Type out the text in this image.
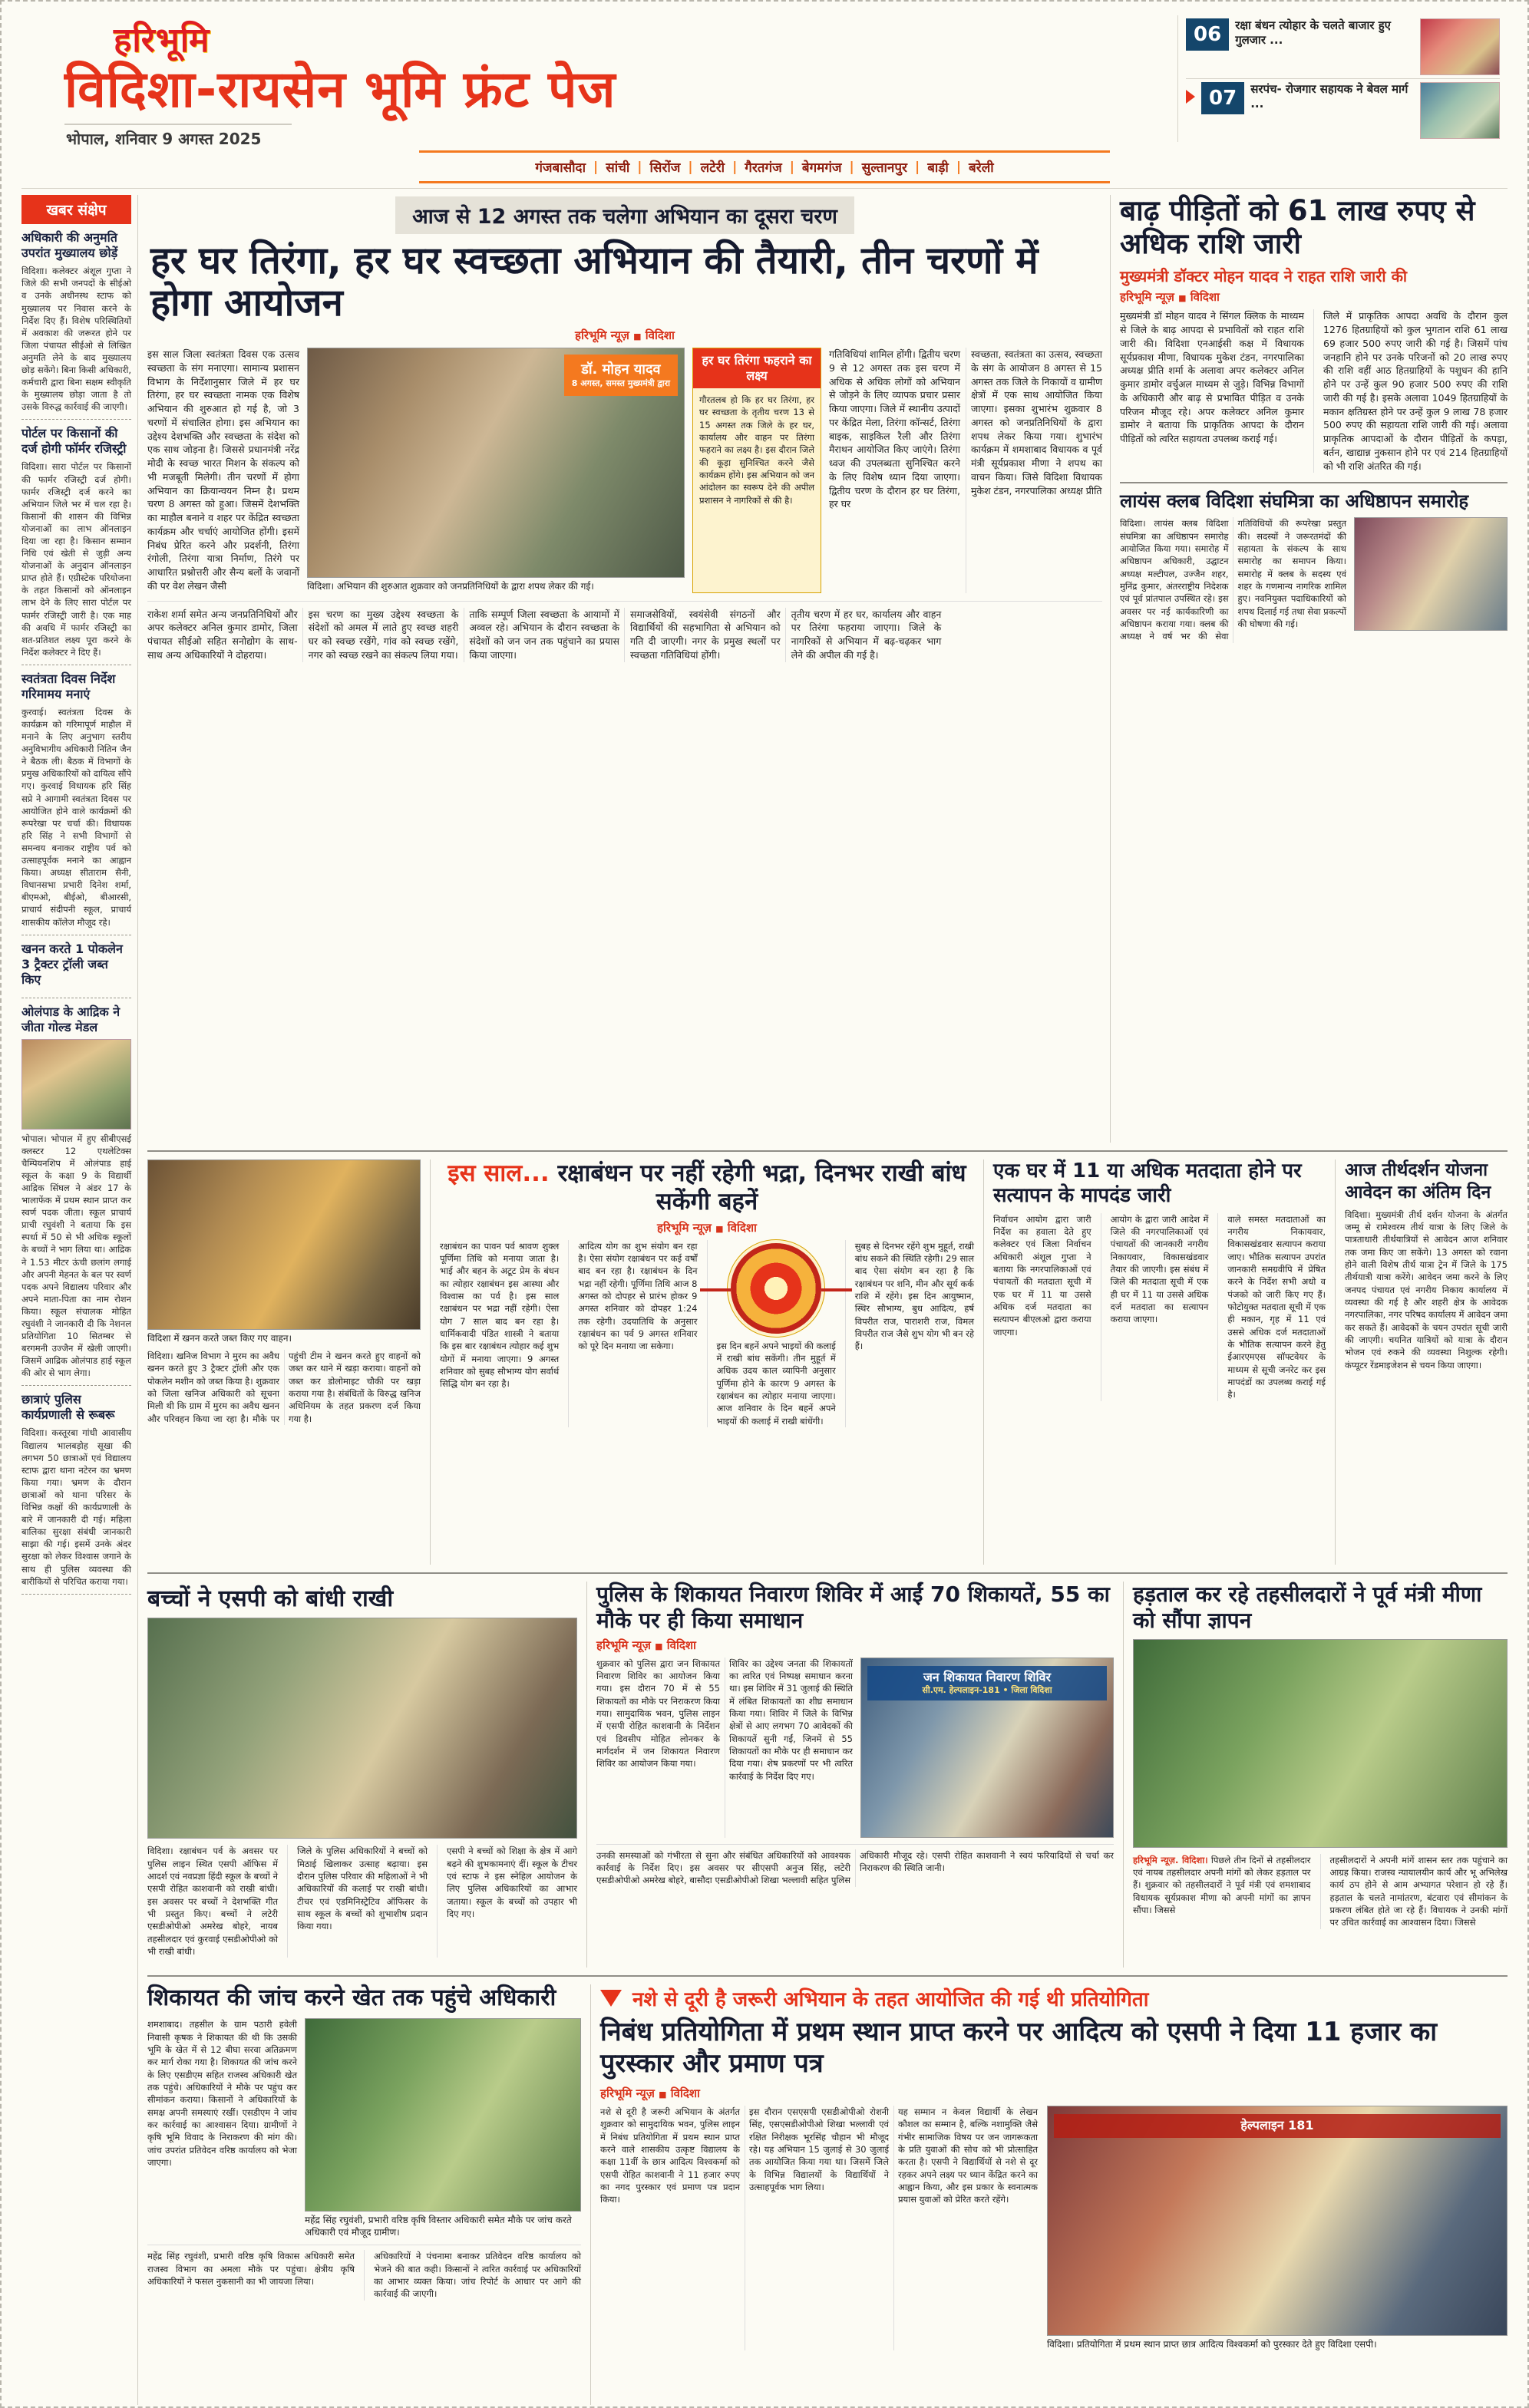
हरिभूमि
विदिशा-रायसेन भूमि फ्रंट पेज
भोपाल, शनिवार 9 अगस्त 2025
06	रक्षा बंधन त्योहार के चलते बाजार हुए गुलजार ...
07	सरपंच- रोजगार सहायक ने बेवल मार्ग ...
गंजबासौदा | सांची | सिरोंज | लटेरी | गैरतगंज | बेगमगंज | सुल्तानपुर | बाड़ी | बरेली
खबर संक्षेप
अधिकारी की अनुमति उपरांत मुख्यालय छोड़ें

विदिशा। कलेक्टर अंशूल गुप्ता ने जिले की सभी जनपदों के सीईओ व उनके अधीनस्थ स्टाफ को मुख्यालय पर निवास करने के निर्देश दिए हैं। विशेष परिस्थितियों में अवकाश की जरूरत होने पर जिला पंचायत सीईओ से लिखित अनुमति लेने के बाद मुख्यालय छोड़ सकेंगे। बिना किसी अधिकारी, कर्मचारी द्वारा बिना सक्षम स्वीकृति के मुख्यालय छोड़ा जाता है तो उसके विरुद्ध कार्रवाई की जाएगी।

पोर्टल पर किसानों की दर्ज होगी फॉर्मर रजिस्ट्री

विदिशा। सारा पोर्टल पर किसानों की फार्मर रजिस्ट्री दर्ज होगी। फार्मर रजिस्ट्री दर्ज करने का अभियान जिले भर में चल रहा है। किसानों की शासन की विभिन्न योजनाओं का लाभ ऑनलाइन दिया जा रहा है। किसान सम्मान निधि एवं खेती से जुड़ी अन्य योजनाओं के अनुदान ऑनलाइन प्राप्त होते हैं। एग्रीस्टेक परियोजना के तहत किसानों को ऑनलाइन लाभ देने के लिए सारा पोर्टल पर फार्मर रजिस्ट्री जारी है। एक माह की अवधि में फार्मर रजिस्ट्री का शत-प्रतिशत लक्ष्य पूरा करने के निर्देश कलेक्टर ने दिए हैं।

स्वतंत्रता दिवस निर्देश गरिमामय मनाएं

कुरवाई। स्वतंत्रता दिवस के कार्यक्रम को गरिमापूर्ण माहौल में मनाने के लिए अनुभाग स्तरीय अनुविभागीय अधिकारी नितिन जैन ने बैठक ली। बैठक में विभागों के प्रमुख अधिकारियों को दायित्व सौंपे गए। कुरवाई विधायक हरि सिंह सप्रे ने आगामी स्वतंत्रता दिवस पर आयोजित होने वाले कार्यक्रमों की रूपरेखा पर चर्चा की। विधायक हरि सिंह ने सभी विभागों से समन्वय बनाकर राष्ट्रीय पर्व को उत्साहपूर्वक मनाने का आह्वान किया। अध्यक्ष सीताराम सैनी, विधानसभा प्रभारी दिनेश शर्मा, बीएमओ, बीईओ, बीआरसी, प्राचार्य संदीपनी स्कूल, प्राचार्य शासकीय कॉलेज मौजूद रहे।

खनन करते 1 पोकलेन 3 ट्रैक्टर ट्रॉली जब्त किए
ओलंपाड के आद्रिक ने जीता गोल्ड मेडल

भोपाल। भोपाल में हुए सीबीएसई क्लस्टर 12 एथलेटिक्स चैम्पियनशिप में ओलंपाड हाई स्कूल के कक्षा 9 के विद्यार्थी आद्रिक सिंघल ने अंडर 17 के भालाफेंक में प्रथम स्थान प्राप्त कर स्वर्ण पदक जीता। स्कूल प्राचार्य प्राची रघुवंशी ने बताया कि इस स्पर्धा में 50 से भी अधिक स्कूलों के बच्चों ने भाग लिया था। आद्रिक ने 1.53 मीटर ऊंची छलांग लगाई और अपनी मेहनत के बल पर स्वर्ण पदक अपने विद्यालय परिवार और अपने माता-पिता का नाम रोशन किया। स्कूल संचालक मोहित रघुवंशी ने जानकारी दी कि नेशनल प्रतियोगिता 10 सितम्बर से बरगमनी उज्जैन में खेली जाएगी। जिसमें आद्रिक ओलंपाड हाई स्कूल की ओर से भाग लेगा।

छात्राएं पुलिस कार्यप्रणाली से रूबरू

विदिशा। कस्तूरबा गांधी आवासीय विद्यालय भालबड़ोह सूखा की लगभग 50 छात्राओं एवं विद्यालय स्टाफ द्वारा थाना नटेरन का भ्रमण किया गया। भ्रमण के दौरान छात्राओं को थाना परिसर के विभिन्न कक्षों की कार्यप्रणाली के बारे में जानकारी दी गई। महिला बालिका सुरक्षा संबंधी जानकारी साझा की गई। इसमें उनके अंदर सुरक्षा को लेकर विश्वास जगाने के साथ ही पुलिस व्यवस्था की बारीकियों से परिचित कराया गया।

आज से 12 अगस्त तक चलेगा अभियान का दूसरा चरण
हर घर तिरंगा, हर घर स्वच्छता अभियान की तैयारी, तीन चरणों में होगा आयोजन
हरिभूमि न्यूज़ ■ विदिशा
इस साल जिला स्वतंत्रता दिवस एक उत्सव स्वच्छता के संग मनाएगा। सामान्य प्रशासन विभाग के निर्देशानुसार जिले में हर घर तिरंगा, हर घर स्वच्छता नामक एक विशेष अभियान की शुरुआत हो गई है, जो 3 चरणों में संचालित होगा। इस अभियान का उद्देश्य देशभक्ति और स्वच्छता के संदेश को एक साथ जोड़ना है। जिससे प्रधानमंत्री नरेंद्र मोदी के स्वच्छ भारत मिशन के संकल्प को भी मजबूती मिलेगी। तीन चरणों में होगा अभियान का क्रियान्वयन निम्न है। प्रथम चरण 8 अगस्त को हुआ। जिसमें देशभक्ति का माहौल बनाने व शहर पर केंद्रित स्वच्छता कार्यक्रम और चर्चाएं आयोजित होंगी। इसमें निबंध प्रेरित करने और प्रदर्शनी, तिरंगा रंगोली, तिरंगा यात्रा निर्माण, तिरंगे पर आधारित प्रश्नोत्तरी और सैन्य बलों के जवानों की पर वेश लेखन जैसी
डॉ. मोहन यादव
8 अगस्त, समस्त मुख्यमंत्री द्वारा

विदिशा। अभियान की शुरुआत शुक्रवार को जनप्रतिनिधियों के द्वारा शपथ लेकर की गई।

हर घर तिरंगा फहराने का लक्ष्य
गौरतलब हो कि हर घर तिरंगा, हर घर स्वच्छता के तृतीय चरण 13 से 15 अगस्त तक जिले के हर घर, कार्यालय और वाहन पर तिरंगा फहराने का लक्ष्य है। इस दौरान जिले की कूड़ा सुनिश्चित करने जैसे कार्यक्रम होंगे। इस अभियान को जन आंदोलन का स्वरूप देने की अपील प्रशासन ने नागरिकों से की है।

गतिविधियां शामिल होंगी। द्वितीय चरण 9 से 12 अगस्त तक इस चरण में अधिक से अधिक लोगों को अभियान से जोड़ने के लिए व्यापक प्रचार प्रसार किया जाएगा। जिले में स्थानीय उत्पादों पर केंद्रित मेला, तिरंगा कॉन्सर्ट, तिरंगा बाइक, साइकिल रैली और तिरंगा मैराथन आयोजित किए जाएंगे। तिरंगा ध्वज की उपलब्धता सुनिश्चित करने के लिए विशेष ध्यान दिया जाएगा। द्वितीय चरण के दौरान हर घर तिरंगा, हर घर

स्वच्छता, स्वतंत्रता का उत्सव, स्वच्छता के संग के आयोजन 8 अगस्त से 15 अगस्त तक जिले के निकायों व ग्रामीण क्षेत्रों में एक साथ आयोजित किया जाएगा। इसका शुभारंभ शुक्रवार 8 अगस्त को जनप्रतिनिधियों के द्वारा शपथ लेकर किया गया। शुभारंभ कार्यक्रम में शमशाबाद विधायक व पूर्व मंत्री सूर्यप्रकाश मीणा ने शपथ का वाचन किया। जिसे विदिशा विधायक मुकेश टंडन, नगरपालिका अध्यक्ष प्रीति

राकेश शर्मा समेत अन्य जनप्रतिनिधियों और अपर कलेक्टर अनिल कुमार डामोर, जिला पंचायत सीईओ सहित सनोद्योग के साथ-साथ अन्य अधिकारियों ने दोहराया।

इस चरण का मुख्य उद्देश्य स्वच्छता के संदेशों को अमल में लाते हुए स्वच्छ शहरी घर को स्वच्छ रखेंगे, गांव को स्वच्छ रखेंगे, नगर को स्वच्छ रखने का संकल्प लिया गया।

ताकि सम्पूर्ण जिला स्वच्छता के आयामों में अव्वल रहे। अभियान के दौरान स्वच्छता के संदेशों को जन जन तक पहुंचाने का प्रयास किया जाएगा।

समाजसेवियों, स्वयंसेवी संगठनों और विद्यार्थियों की सहभागिता से अभियान को गति दी जाएगी। नगर के प्रमुख स्थलों पर स्वच्छता गतिविधियां होंगी।

तृतीय चरण में हर घर, कार्यालय और वाहन पर तिरंगा फहराया जाएगा। जिले के नागरिकों से अभियान में बढ़-चढ़कर भाग लेने की अपील की गई है।

बाढ़ पीड़ितों को 61 लाख रुपए से अधिक राशि जारी
मुख्यमंत्री डॉक्टर मोहन यादव ने राहत राशि जारी की
हरिभूमि न्यूज़ ■ विदिशा
मुख्यमंत्री डॉ मोहन यादव ने सिंगल क्लिक के माध्यम से जिले के बाढ़ आपदा से प्रभावितों को राहत राशि जारी की। विदिशा एनआईसी कक्ष में विधायक सूर्यप्रकाश मीणा, विधायक मुकेश टंडन, नगरपालिका अध्यक्ष प्रीति शर्मा के अलावा अपर कलेक्टर अनिल कुमार डामोर वर्चुअल माध्यम से जुड़े। विभिन्न विभागों के अधिकारी और बाढ़ से प्रभावित पीड़ित व उनके परिजन मौजूद रहे। अपर कलेक्टर अनिल कुमार डामोर ने बताया कि प्राकृतिक आपदा के दौरान पीड़ितों को त्वरित सहायता उपलब्ध कराई गई।
जिले में प्राकृतिक आपदा अवधि के दौरान कुल 1276 हितग्राहियों को कुल भुगतान राशि 61 लाख 69 हजार 500 रुपए जारी की गई है। जिसमें पांच जनहानि होने पर उनके परिजनों को 20 लाख रुपए की राशि वहीं आठ हितग्राहियों के पशुधन की हानि होने पर उन्हें कुल 90 हजार 500 रुपए की राशि जारी की गई है। इसके अलावा 1049 हितग्राहियों के मकान क्षतिग्रस्त होने पर उन्हें कुल 9 लाख 78 हजार 500 रुपए की सहायता राशि जारी की गई। अलावा प्राकृतिक आपदाओं के दौरान पीड़ितों के कपड़ा, बर्तन, खाद्यान्न नुकसान होने पर एवं 214 हितग्राहियों को भी राशि अंतरित की गई।
लायंस क्लब विदिशा संघमित्रा का अधिष्ठापन समारोह
विदिशा। लायंस क्लब विदिशा संघमित्रा का अधिष्ठापन समारोह आयोजित किया गया। समारोह में अधिष्ठापन अधिकारी, उद्घाटन अध्यक्ष मल्टीपल, उज्जैन शहर, मुनिंद्र कुमार, अंतरराष्ट्रीय निदेशक एवं पूर्व प्रांतपाल उपस्थित रहे। इस अवसर पर नई कार्यकारिणी का अधिष्ठापन कराया गया। क्लब की अध्यक्ष ने वर्ष भर की सेवा गतिविधियों की रूपरेखा प्रस्तुत की। सदस्यों ने जरूरतमंदों की सहायता के संकल्प के साथ समारोह का समापन किया। समारोह में क्लब के सदस्य एवं शहर के गणमान्य नागरिक शामिल हुए। नवनियुक्त पदाधिकारियों को शपथ दिलाई गई तथा सेवा प्रकल्पों की घोषणा की गई।

विदिशा में खनन करते जब्त किए गए वाहन।

विदिशा। खनिज विभाग ने मुरम का अवैध खनन करते हुए 3 ट्रैक्टर ट्रॉली और एक पोकलेन मशीन को जब्त किया है। शुक्रवार को जिला खनिज अधिकारी को सूचना मिली थी कि ग्राम में मुरम का अवैध खनन और परिवहन किया जा रहा है। मौके पर पहुंची टीम ने खनन करते हुए वाहनों को जब्त कर थाने में खड़ा कराया। वाहनों को जब्त कर डोलोमाइट चौकी पर खड़ा कराया गया है। संबंधितों के विरुद्ध खनिज अधिनियम के तहत प्रकरण दर्ज किया गया है।
इस साल... रक्षाबंधन पर नहीं रहेगी भद्रा, दिनभर राखी बांध सकेंगी बहनें
हरिभूमि न्यूज़ ■ विदिशा
रक्षाबंधन का पावन पर्व श्रावण शुक्ल पूर्णिमा तिथि को मनाया जाता है। भाई और बहन के अटूट प्रेम के बंधन का त्योहार रक्षाबंधन इस आस्था और विश्वास का पर्व है। इस साल रक्षाबंधन पर भद्रा नहीं रहेगी। ऐसा योग 7 साल बाद बन रहा है। धार्मिकवादी पंडित शास्त्री ने बताया कि इस बार रक्षाबंधन त्योहार कई शुभ योगों में मनाया जाएगा। 9 अगस्त शनिवार को सुबह सौभाग्य योग सर्वार्थ सिद्धि योग बन रहा है।
आदित्य योग का शुभ संयोग बन रहा है। ऐसा संयोग रक्षाबंधन पर कई वर्षों बाद बन रहा है। रक्षाबंधन के दिन भद्रा नहीं रहेगी। पूर्णिमा तिथि आज 8 अगस्त को दोपहर से प्रारंभ होकर 9 अगस्त शनिवार को दोपहर 1:24 तक रहेगी। उदयातिथि के अनुसार रक्षाबंधन का पर्व 9 अगस्त शनिवार को पूरे दिन मनाया जा सकेगा।	इस दिन बहनें अपने भाइयों की कलाई में राखी बांध सकेंगी। तीन मुहूर्त में अधिक उदय काल व्यापिनी अनुसार पूर्णिमा होने के कारण 9 अगस्त के रक्षाबंधन का त्योहार मनाया जाएगा। आज शनिवार के दिन बहनें अपने भाइयों की कलाई में राखी बांधेंगी।
सुबह से दिनभर रहेंगे शुभ मुहूर्त, राखी बांध सकने की स्थिति रहेगी। 29 साल बाद ऐसा संयोग बन रहा है कि रक्षाबंधन पर शनि, मीन और सूर्य कर्क राशि में रहेंगे। इस दिन आयुष्मान, स्थिर सौभाग्य, बुध आदित्य, हर्ष विपरीत राज, पाराशरी राज, विमल विपरीत राज जैसे शुभ योग भी बन रहे हैं।
एक घर में 11 या अधिक मतदाता होने पर सत्यापन के मापदंड जारी
निर्वाचन आयोग द्वारा जारी निर्देश का हवाला देते हुए कलेक्टर एवं जिला निर्वाचन अधिकारी अंशूल गुप्ता ने बताया कि नगरपालिकाओं एवं पंचायतों की मतदाता सूची में एक घर में 11 या उससे अधिक दर्ज मतदाता का सत्यापन बीएलओ द्वारा कराया जाएगा।
आयोग के द्वारा जारी आदेश में जिले की नगरपालिकाओं एवं पंचायतों की जानकारी नगरीय निकायवार, विकासखंडवार तैयार की जाएगी। इस संबंध में जिले की मतदाता सूची में एक ही घर में 11 या उससे अधिक दर्ज मतदाता का सत्यापन कराया जाएगा।
वाले समस्त मतदाताओं का नगरीय निकायवार, विकासखंडवार सत्यापन कराया जाए। भौतिक सत्यापन उपरांत जानकारी समग्रवीपि में प्रेषित करने के निर्देश सभी अधो व पंजको को जारी किए गए हैं। फोटोयुक्त मतदाता सूची में एक ही मकान, गृह में 11 एवं उससे अधिक दर्ज मतदाताओं के भौतिक सत्यापन करने हेतु ईआरएमएस सॉफ्टवेयर के माध्यम से सूची जनरेट कर इस मापदंडों का उपलब्ध कराई गई है।
आज तीर्थदर्शन योजना आवेदन का अंतिम दिन
विदिशा। मुख्यमंत्री तीर्थ दर्शन योजना के अंतर्गत जम्मू से रामेश्वरम तीर्थ यात्रा के लिए जिले के पात्रताधारी तीर्थयात्रियों से आवेदन आज शनिवार तक जमा किए जा सकेंगे। 13 अगस्त को रवाना होने वाली विशेष तीर्थ यात्रा ट्रेन में जिले के 175 तीर्थयात्री यात्रा करेंगे। आवेदन जमा करने के लिए जनपद पंचायत एवं नगरीय निकाय कार्यालय में व्यवस्था की गई है और शहरी क्षेत्र के आवेदक नगरपालिका, नगर परिषद कार्यालय में आवेदन जमा कर सकते हैं। आवेदकों के चयन उपरांत सूची जारी की जाएगी। चयनित यात्रियों को यात्रा के दौरान भोजन एवं रुकने की व्यवस्था निशुल्क रहेगी। कंप्यूटर रेंडमाइजेशन से चयन किया जाएगा।
बच्चों ने एसपी को बांधी राखी
विदिशा। रक्षाबंधन पर्व के अवसर पर पुलिस लाइन स्थित एसपी ऑफिस में आदर्श एवं नवप्रज्ञा हिंदी स्कूल के बच्चों ने एसपी रोहित काशवानी को राखी बांधी। इस अवसर पर बच्चों ने देशभक्ति गीत भी प्रस्तुत किए। बच्चों ने लटेरी एसडीओपीओ अमरेख बोहरे, नायब तहसीलदार एवं कुरवाई एसडीओपीओ को भी राखी बांधी।
जिले के पुलिस अधिकारियों ने बच्चों को मिठाई खिलाकर उत्साह बढ़ाया। इस दौरान पुलिस परिवार की महिलाओं ने भी अधिकारियों की कलाई पर राखी बांधी। टीचर एवं एडमिनिस्ट्रेटिव ऑफिसर के साथ स्कूल के बच्चों को शुभाशीष प्रदान किया गया।
एसपी ने बच्चों को शिक्षा के क्षेत्र में आगे बढ़ने की शुभकामनाएं दीं। स्कूल के टीचर एवं स्टाफ ने इस स्नेहिल आयोजन के लिए पुलिस अधिकारियों का आभार जताया। स्कूल के बच्चों को उपहार भी दिए गए।
पुलिस के शिकायत निवारण शिविर में आईं 70 शिकायतें, 55 का मौके पर ही किया समाधान
हरिभूमि न्यूज़ ■ विदिशा

शुक्रवार को पुलिस द्वारा जन शिकायत निवारण शिविर का आयोजन किया गया। इस दौरान 70 में से 55 शिकायतों का मौके पर निराकरण किया गया। सामुदायिक भवन, पुलिस लाइन में एसपी रोहित काशवानी के निर्देशन एवं डिवसीप मोहित लोनकर के मार्गदर्शन में जन शिकायत निवारण शिविर का आयोजन किया गया।

शिविर का उद्देश्य जनता की शिकायतों का त्वरित एवं निष्पक्ष समाधान करना था। इस शिविर में 31 जुलाई की स्थिति में लंबित शिकायतों का शीघ्र समाधान किया गया। शिविर में जिले के विभिन्न क्षेत्रों से आए लगभग 70 आवेदकों की शिकायतें सुनी गईं, जिनमें से 55 शिकायतों का मौके पर ही समाधान कर दिया गया। शेष प्रकरणों पर भी त्वरित कार्रवाई के निर्देश दिए गए।

जन शिकायत निवारण शिविर
सी.एम. हेल्पलाइन-181 • जिला विदिशा
उनकी समस्याओं को गंभीरता से सुना और संबंधित अधिकारियों को आवश्यक कार्रवाई के निर्देश दिए। इस अवसर पर सीएसपी अनुज सिंह, लटेरी एसडीओपीओ अमरेख बोहरे, बासौदा एसडीओपीओ शिखा भल्लावी सहित पुलिस अधिकारी मौजूद रहे। एसपी रोहित काशवानी ने स्वयं फरियादियों से चर्चा कर निराकरण की स्थिति जानी।
हड़ताल कर रहे तहसीलदारों ने पूर्व मंत्री मीणा को सौंपा ज्ञापन
हरिभूमि न्यूज़. विदिशा। पिछले तीन दिनों से तहसीलदार एवं नायब तहसीलदार अपनी मांगों को लेकर हड़ताल पर हैं। शुक्रवार को तहसीलदारों ने पूर्व मंत्री एवं शमशाबाद विधायक सूर्यप्रकाश मीणा को अपनी मांगों का ज्ञापन सौंपा। जिससे
तहसीलदारों ने अपनी मांगें शासन स्तर तक पहुंचाने का आग्रह किया। राजस्व न्यायालयीन कार्य और भू अभिलेख कार्य ठप होने से आम अभ्यागत परेशान हो रहे हैं। हड़ताल के चलते नामांतरण, बंटवारा एवं सीमांकन के प्रकरण लंबित होते जा रहे हैं। विधायक ने उनकी मांगों पर उचित कार्रवाई का आश्वासन दिया। जिससे
शिकायत की जांच करने खेत तक पहुंचे अधिकारी
शमशाबाद। तहसील के ग्राम पठारी हवेली निवासी कृषक ने शिकायत की थी कि उसकी भूमि के खेत में से 12 बीघा सरवा अतिक्रमण कर मार्ग रोका गया है। शिकायत की जांच करने के लिए एसडीएम सहित राजस्व अधिकारी खेत तक पहुंचे। अधिकारियों ने मौके पर पहुंच कर सीमांकन कराया। किसानों ने अधिकारियों के समक्ष अपनी समस्याएं रखीं। एसडीएम ने जांच कर कार्रवाई का आश्वासन दिया। ग्रामीणों ने कृषि भूमि विवाद के निराकरण की मांग की। जांच उपरांत प्रतिवेदन वरिष्ठ कार्यालय को भेजा जाएगा।

महेंद्र सिंह रघुवंशी, प्रभारी वरिष्ठ कृषि विस्तार अधिकारी समेत मौके पर जांच करते अधिकारी एवं मौजूद ग्रामीण।

महेंद्र सिंह रघुवंशी, प्रभारी वरिष्ठ कृषि विकास अधिकारी समेत राजस्व विभाग का अमला मौके पर पहुंचा। क्षेत्रीय कृषि अधिकारियों ने फसल नुकसानी का भी जायजा लिया।
अधिकारियों ने पंचनामा बनाकर प्रतिवेदन वरिष्ठ कार्यालय को भेजने की बात कही। किसानों ने त्वरित कार्रवाई पर अधिकारियों का आभार व्यक्त किया। जांच रिपोर्ट के आधार पर आगे की कार्रवाई की जाएगी।
नशे से दूरी है जरूरी अभियान के तहत आयोजित की गई थी प्रतियोगिता
निबंध प्रतियोगिता में प्रथम स्थान प्राप्त करने पर आदित्य को एसपी ने दिया 11 हजार का पुरस्कार और प्रमाण पत्र
हरिभूमि न्यूज़ ■ विदिशा

नशे से दूरी है जरूरी अभियान के अंतर्गत शुक्रवार को सामुदायिक भवन, पुलिस लाइन में निबंध प्रतियोगिता में प्रथम स्थान प्राप्त करने वाले शासकीय उत्कृष्ट विद्यालय के कक्षा 11वीं के छात्र आदित्य विश्वकर्मा को एसपी रोहित काशवानी ने 11 हजार रुपए का नगद पुरस्कार एवं प्रमाण पत्र प्रदान किया।

इस दौरान एसएसपी एसडीओपीओ रोशनी सिंह, एसएसडीओपीओ शिखा भल्लावी एवं रक्षित निरीक्षक भूरसिंह चौहान भी मौजूद रहे। यह अभियान 15 जुलाई से 30 जुलाई तक आयोजित किया गया था। जिसमें जिले के विभिन्न विद्यालयों के विद्यार्थियों ने उत्साहपूर्वक भाग लिया।

यह सम्मान न केवल विद्यार्थी के लेखन कौशल का सम्मान है, बल्कि नशामुक्ति जैसे गंभीर सामाजिक विषय पर जन जागरूकता के प्रति युवाओं की सोच को भी प्रोत्साहित करता है। एसपी ने विद्यार्थियों से नशे से दूर रहकर अपने लक्ष्य पर ध्यान केंद्रित करने का आह्वान किया, और इस प्रकार के स्वनात्मक प्रयास युवाओं को प्रेरित करते रहेंगे।

हेल्पलाइन 181

विदिशा। प्रतियोगिता में प्रथम स्थान प्राप्त छात्र आदित्य विश्वकर्मा को पुरस्कार देते हुए विदिशा एसपी।
